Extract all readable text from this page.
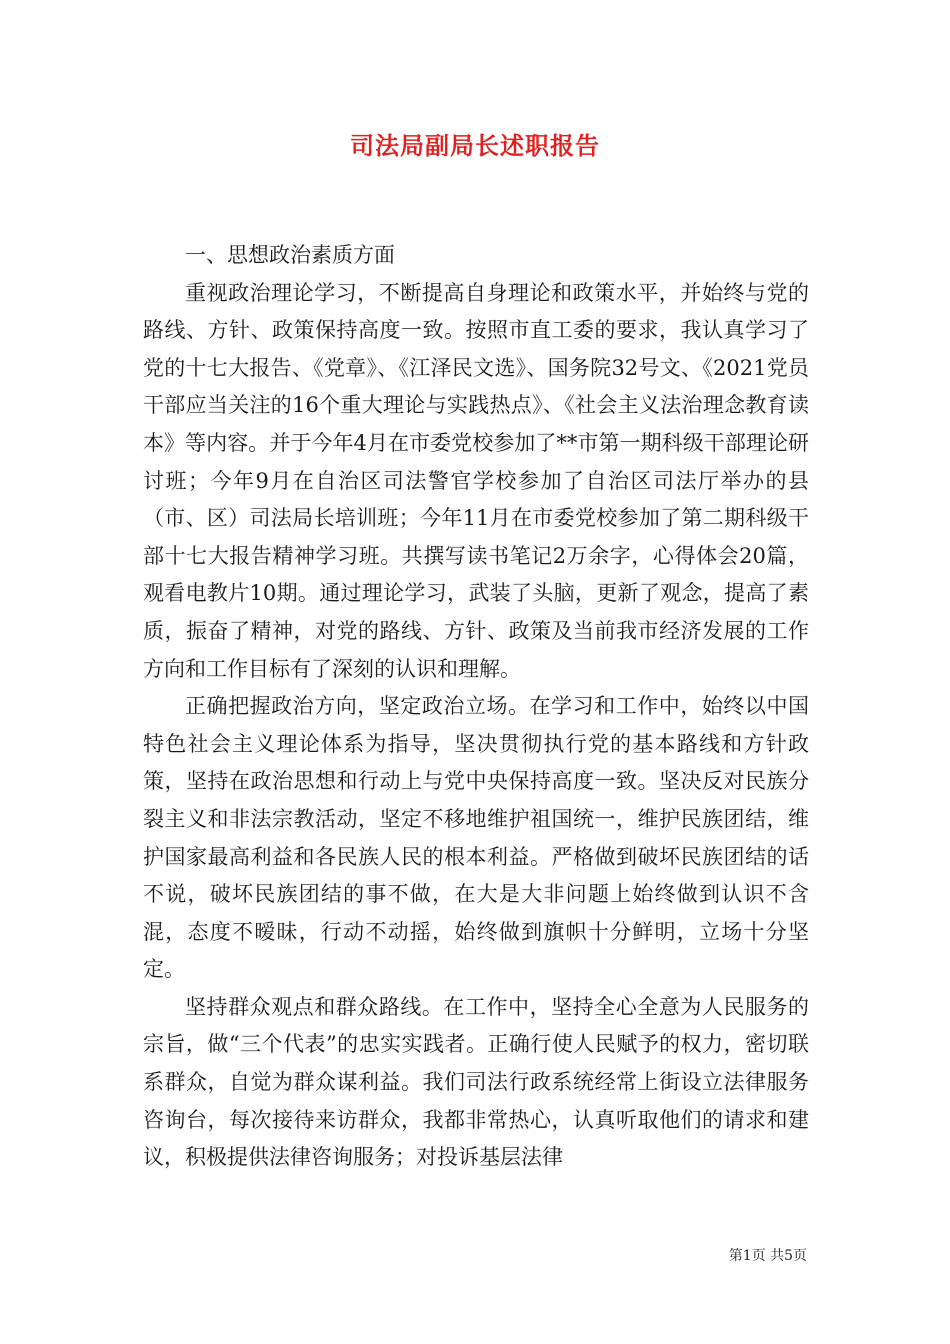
司法局副局长述职报告

一、思想政治素质方面

重视政治理论学习，不断提高自身理论和政策水平，并始终与党的路线、方针、政策保持高度一致。按照市直工委的要求，我认真学习了党的十七大报告、《党章》、《江泽民文选》、国务院32号文、《2021党员干部应当关注的16个重大理论与实践热点》、《社会主义法治理念教育读本》等内容。并于今年4月在市委党校参加了**市第一期科级干部理论研讨班；今年9月在自治区司法警官学校参加了自治区司法厅举办的县（市、区）司法局长培训班；今年11月在市委党校参加了第二期科级干部十七大报告精神学习班。共撰写读书笔记2万余字，心得体会20篇，观看电教片10期。通过理论学习，武装了头脑，更新了观念，提高了素质，振奋了精神，对党的路线、方针、政策及当前我市经济发展的工作方向和工作目标有了深刻的认识和理解。

正确把握政治方向，坚定政治立场。在学习和工作中，始终以中国特色社会主义理论体系为指导，坚决贯彻执行党的基本路线和方针政策，坚持在政治思想和行动上与党中央保持高度一致。坚决反对民族分裂主义和非法宗教活动，坚定不移地维护祖国统一，维护民族团结，维护国家最高利益和各民族人民的根本利益。严格做到破坏民族团结的话不说，破坏民族团结的事不做，在大是大非问题上始终做到认识不含混，态度不暧昧，行动不动摇，始终做到旗帜十分鲜明，立场十分坚定。

坚持群众观点和群众路线。在工作中，坚持全心全意为人民服务的宗旨，做“三个代表”的忠实实践者。正确行使人民赋予的权力，密切联系群众，自觉为群众谋利益。我们司法行政系统经常上街设立法律服务咨询台，每次接待来访群众，我都非常热心，认真听取他们的请求和建议，积极提供法律咨询服务；对投诉基层法律

第1页 共5页
